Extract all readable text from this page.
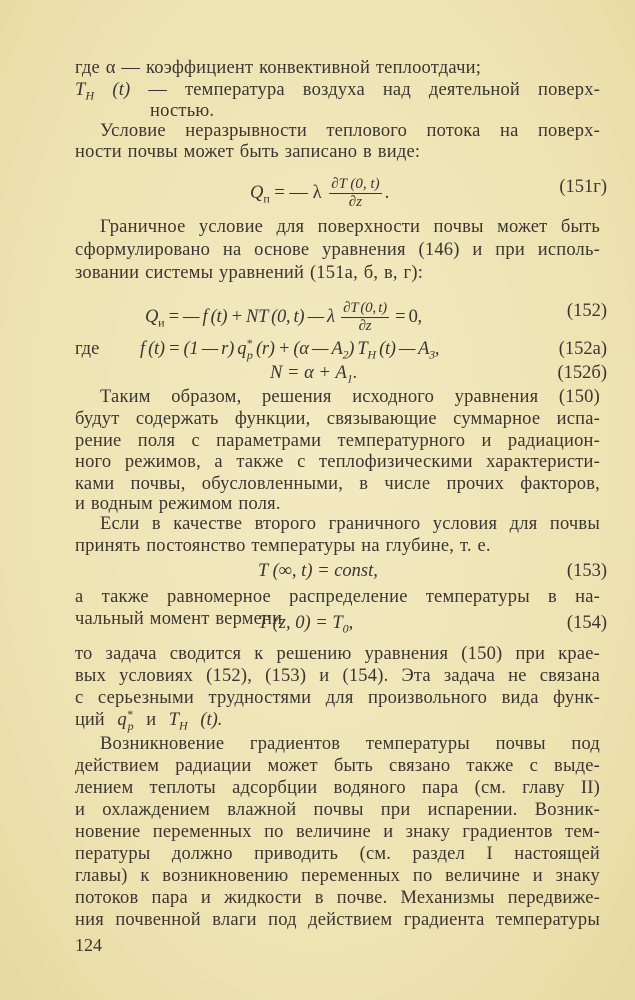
где α — коэффициент конвективной теплоотдачи;
ностью.
Условие неразрывности теплового потока на поверх-
ности почвы может быть записано в виде:
Граничное условие для поверхности почвы может быть
сформулировано на основе уравнения (146) и при исполь-
зовании системы уравнений (151а, б, в, г):
Таким образом, решения исходного уравнения (150)
будут содержать функции, связывающие суммарное испа-
рение поля с параметрами температурного и радиацион-
ного режимов, а также с теплофизическими характеристи-
ками почвы, обусловленными, в числе прочих факторов,
и водным режимом поля.
Если в качестве второго граничного условия для почвы
принять постоянство температуры на глубине, т. е.
а также равномерное распределение температуры в на-
чальный момент вермени
то задача сводится к решению уравнения (150) при крае-
вых условиях (152), (153) и (154). Эта задача не связана
с серьезными трудностями для произвольного вида функ-
Возникновение градиентов температуры почвы под
действием радиации может быть связано также с выде-
лением теплоты адсорбции водяного пара (см. главу II)
и охлаждением влажной почвы при испарении. Возник-
новение переменных по величине и знаку градиентов тем-
пературы должно приводить (см. раздел I настоящей
главы) к возникновению переменных по величине и знаку
потоков пара и жидкости в почве. Механизмы передвиже-
ния почвенной влаги под действием градиента температуры
$T_H$ (t) — температура воздуха над деятельной поверх-
$Q_п$ = — λ $\frac{\partial T (0, t)}{\partial z}$ .	(151г)
$Q_и$ = — f (t) + NT (0, t) — λ $\frac{\partial T (0, t)}{\partial z} = 0$,	(152)
где f (t) = (1 — r) $q^*_р$ (r) + (α — $A_2$) $T_H$ (t) — $A_3$,	(152а)
$N = \alpha + A_1$.	(152б)
T (∞, t) = const,	(153)
T (z, $0) = T_0$,	(154)
ций $q^*_р$ и $T_H$ (t).
124
